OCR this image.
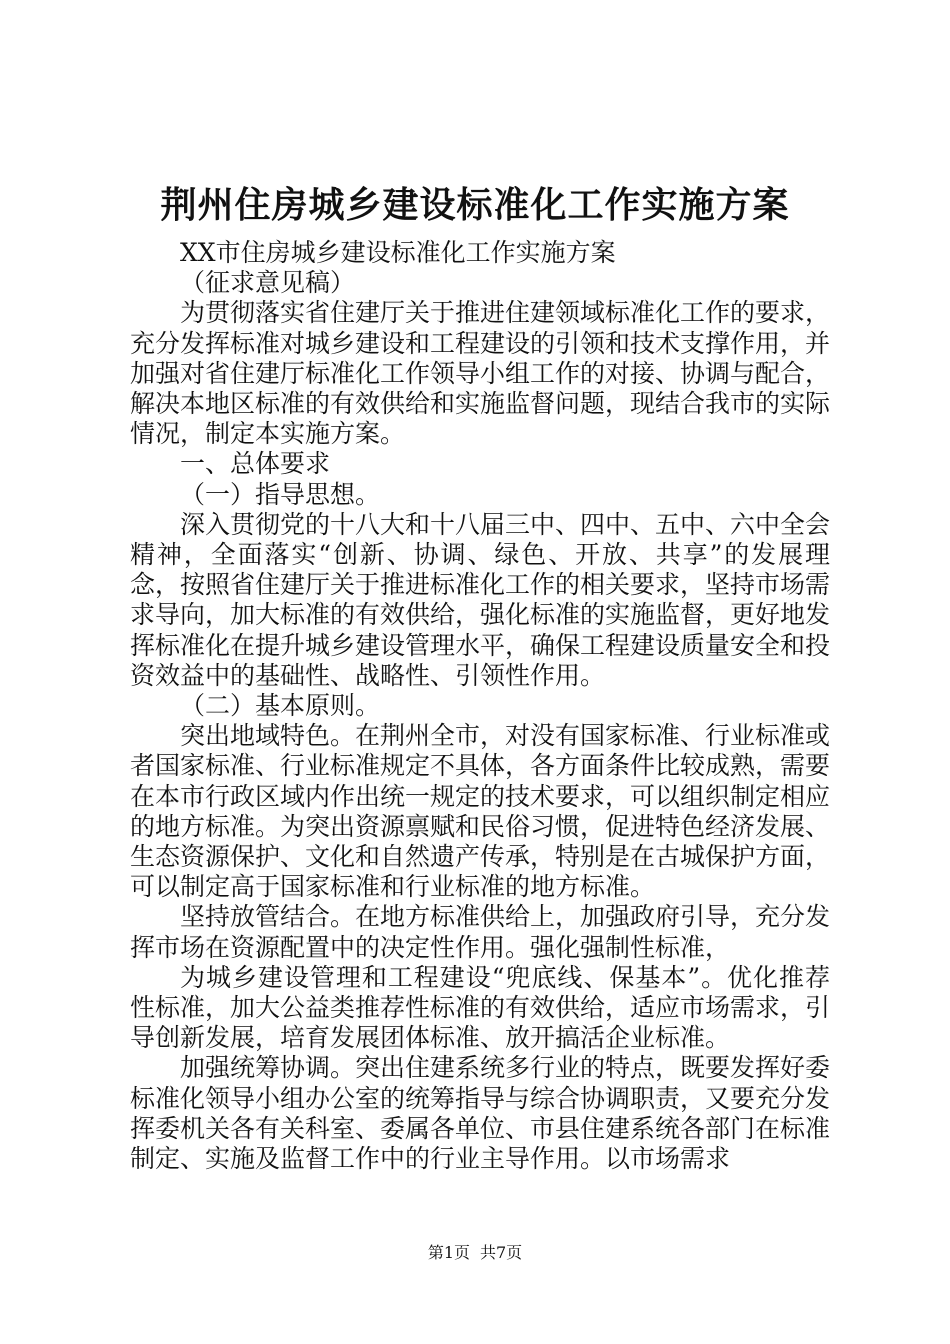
荆州住房城乡建设标准化工作实施方案

XX市住房城乡建设标准化工作实施方案

（征求意见稿）

为贯彻落实省住建厅关于推进住建领域标准化工作的要求，充分发挥标准对城乡建设和工程建设的引领和技术支撑作用，并加强对省住建厅标准化工作领导小组工作的对接、协调与配合，解决本地区标准的有效供给和实施监督问题，现结合我市的实际情况，制定本实施方案。

一、总体要求

（一）指导思想。

深入贯彻党的十八大和十八届三中、四中、五中、六中全会精神，全面落实“创新、协调、绿色、开放、共享”的发展理念，按照省住建厅关于推进标准化工作的相关要求，坚持市场需求导向，加大标准的有效供给，强化标准的实施监督，更好地发挥标准化在提升城乡建设管理水平，确保工程建设质量安全和投资效益中的基础性、战略性、引领性作用。

（二）基本原则。

突出地域特色。在荆州全市，对没有国家标准、行业标准或者国家标准、行业标准规定不具体，各方面条件比较成熟，需要在本市行政区域内作出统一规定的技术要求，可以组织制定相应的地方标准。为突出资源禀赋和民俗习惯，促进特色经济发展、生态资源保护、文化和自然遗产传承，特别是在古城保护方面，可以制定高于国家标准和行业标准的地方标准。

坚持放管结合。在地方标准供给上，加强政府引导，充分发挥市场在资源配置中的决定性作用。强化强制性标准，

为城乡建设管理和工程建设“兜底线、保基本”。优化推荐性标准，加大公益类推荐性标准的有效供给，适应市场需求，引导创新发展，培育发展团体标准、放开搞活企业标准。

加强统筹协调。突出住建系统多行业的特点，既要发挥好委标准化领导小组办公室的统筹指导与综合协调职责，又要充分发挥委机关各有关科室、委属各单位、市县住建系统各部门在标准制定、实施及监督工作中的行业主导作用。以市场需求

第1页 共7页
